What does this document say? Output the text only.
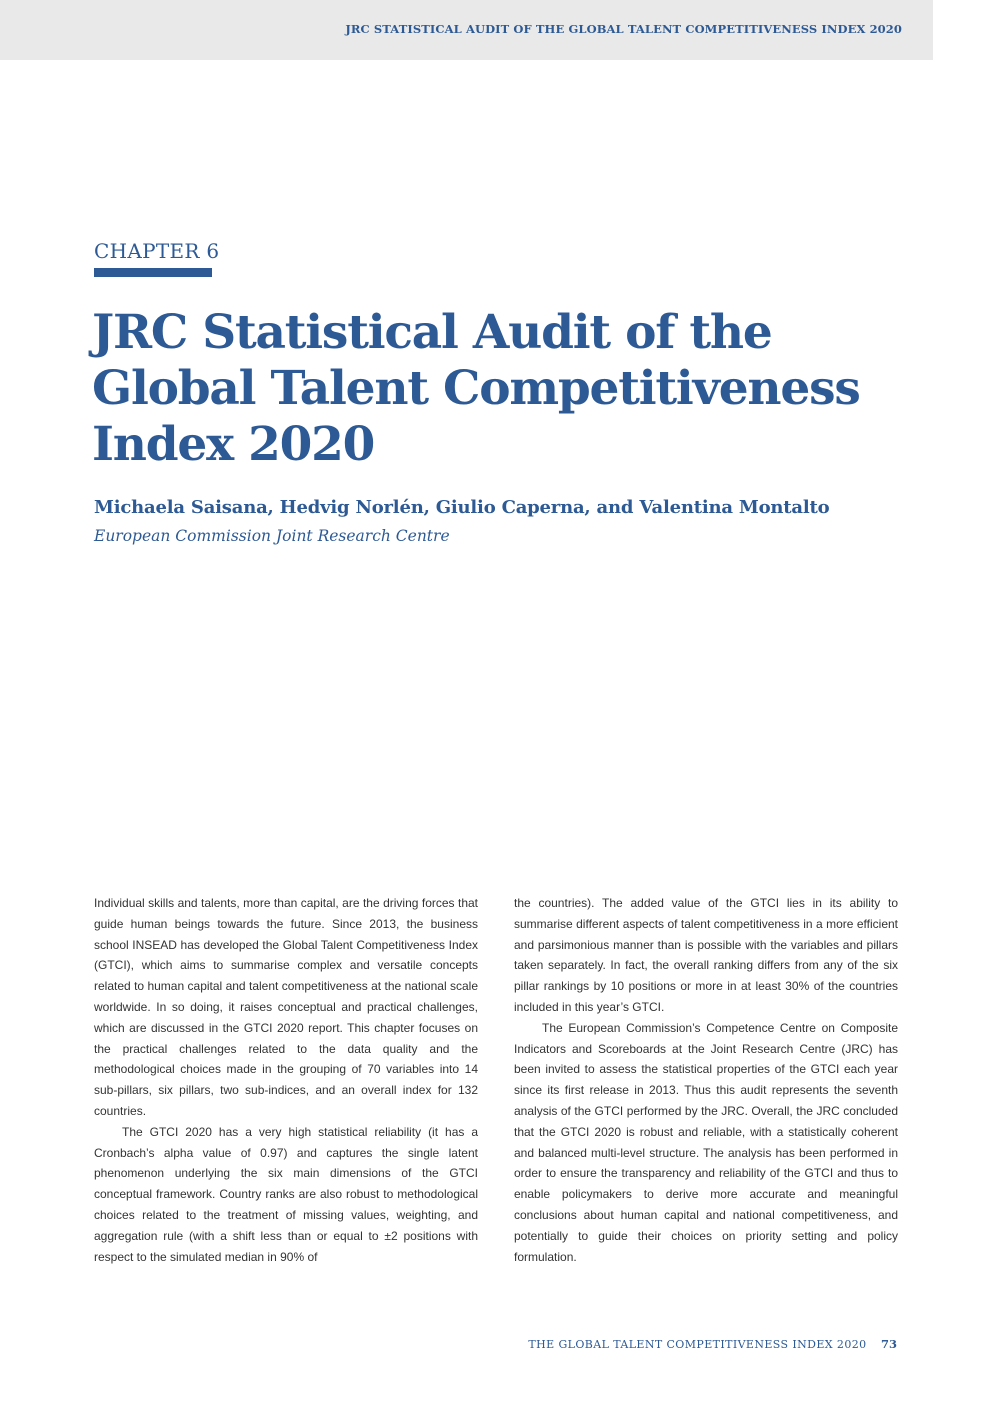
JRC STATISTICAL AUDIT OF THE GLOBAL TALENT COMPETITIVENESS INDEX 2020
CHAPTER 6
JRC Statistical Audit of the
Global Talent Competitiveness
Index 2020
Michaela Saisana, Hedvig Norlén, Giulio Caperna, and Valentina Montalto
European Commission Joint Research Centre

Individual skills and talents, more than capital, are the driving forces that guide human beings towards the future. Since 2013, the business school INSEAD has developed the Global Talent Competitiveness Index (GTCI), which aims to summarise complex and versatile concepts related to human capital and talent competitiveness at the national scale worldwide. In so doing, it raises conceptual and practical challenges, which are discussed in the GTCI 2020 report. This chapter focuses on the practical challenges related to the data quality and the methodological choices made in the grouping of 70 variables into 14 sub-pillars, six pillars, two sub-indices, and an overall index for 132 countries.

The GTCI 2020 has a very high statistical reliability (it has a Cronbach’s alpha value of 0.97) and captures the single latent phenomenon underlying the six main dimensions of the GTCI conceptual framework. Country ranks are also robust to methodological choices related to the treatment of missing values, weighting, and aggregation rule (with a shift less than or equal to ±2 positions with respect to the simulated median in 90% of

the countries). The added value of the GTCI lies in its ability to summarise different aspects of talent competitiveness in a more efficient and parsimonious manner than is possible with the variables and pillars taken separately. In fact, the overall ranking differs from any of the six pillar rankings by 10 positions or more in at least 30% of the countries included in this year’s GTCI.

The European Commission’s Competence Centre on Composite Indicators and Scoreboards at the Joint Research Centre (JRC) has been invited to assess the statistical properties of the GTCI each year since its first release in 2013. Thus this audit represents the seventh analysis of the GTCI performed by the JRC. Overall, the JRC concluded that the GTCI 2020 is robust and reliable, with a statistically coherent and balanced multi-level structure. The analysis has been performed in order to ensure the transparency and reliability of the GTCI and thus to enable policymakers to derive more accurate and meaningful conclusions about human capital and national competitiveness, and potentially to guide their choices on priority setting and policy formulation.

THE GLOBAL TALENT COMPETITIVENESS INDEX 2020 73
